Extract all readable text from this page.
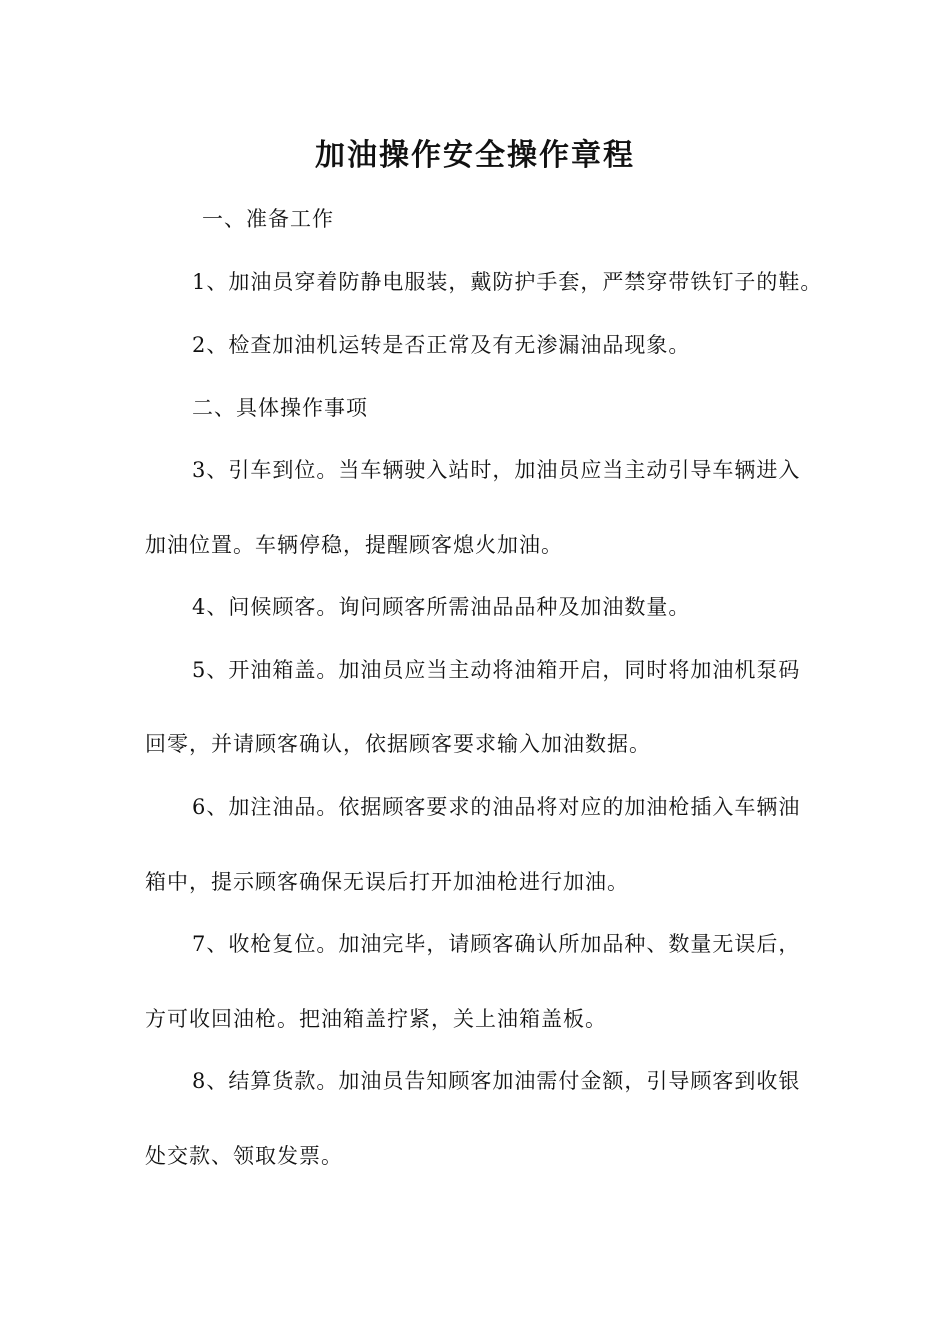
加油操作安全操作章程
一、准备工作
1、加油员穿着防静电服装，戴防护手套，严禁穿带铁钉子的鞋。
2、检查加油机运转是否正常及有无渗漏油品现象。
二、具体操作事项
3、引车到位。当车辆驶入站时，加油员应当主动引导车辆进入
加油位置。车辆停稳，提醒顾客熄火加油。
4、问候顾客。询问顾客所需油品品种及加油数量。
5、开油箱盖。加油员应当主动将油箱开启，同时将加油机泵码
回零，并请顾客确认，依据顾客要求输入加油数据。
6、加注油品。依据顾客要求的油品将对应的加油枪插入车辆油
箱中，提示顾客确保无误后打开加油枪进行加油。
7、收枪复位。加油完毕，请顾客确认所加品种、数量无误后，
方可收回油枪。把油箱盖拧紧，关上油箱盖板。
8、结算货款。加油员告知顾客加油需付金额，引导顾客到收银
处交款、领取发票。
